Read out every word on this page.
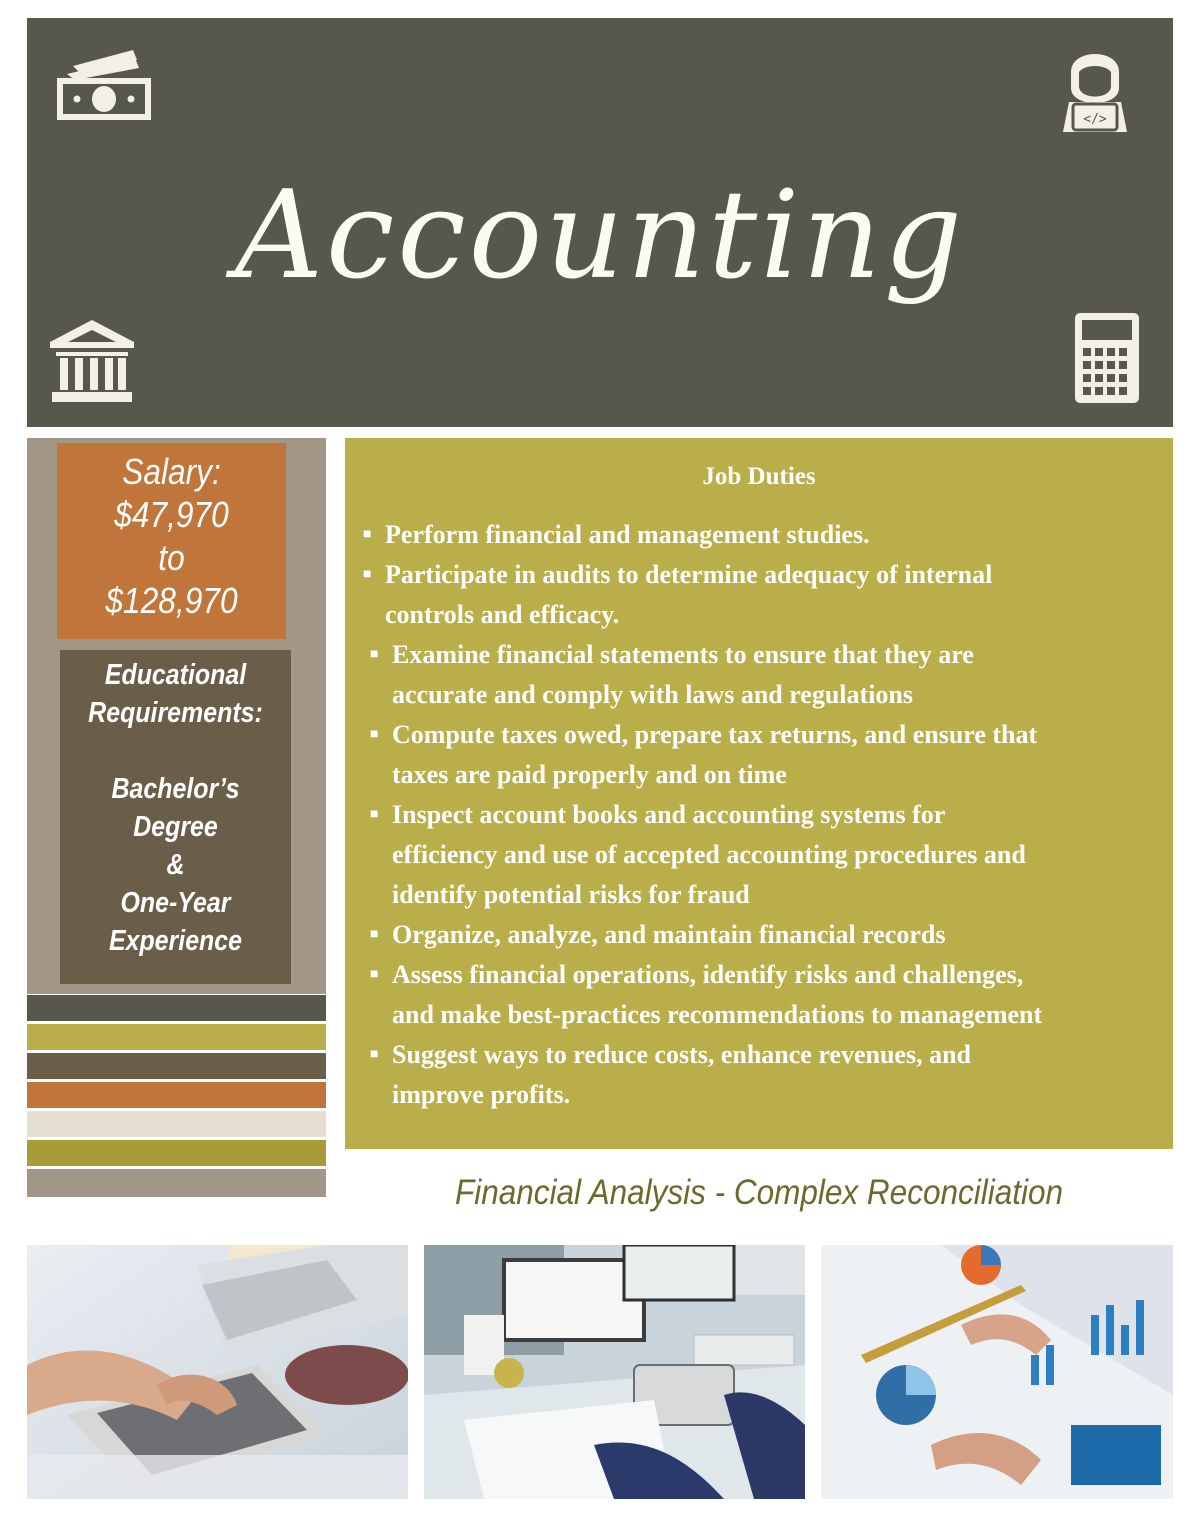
</>
Accounting
Salary:
$47,970
to
$128,970
Educational
Requirements:
Bachelor’s
Degree
&
One-Year
Experience
Job Duties
■ Perform financial and management studies.
■ Participate in audits to determine adequacy of internal
controls and efficacy.
■ Examine financial statements to ensure that they are
accurate and comply with laws and regulations
■ Compute taxes owed, prepare tax returns, and ensure that
taxes are paid properly and on time
■ Inspect account books and accounting systems for
efficiency and use of accepted accounting procedures and
identify potential risks for fraud
■ Organize, analyze, and maintain financial records
■ Assess financial operations, identify risks and challenges,
and make best-practices recommendations to management
■ Suggest ways to reduce costs, enhance revenues, and
improve profits.
Financial Analysis - Complex Reconciliation
